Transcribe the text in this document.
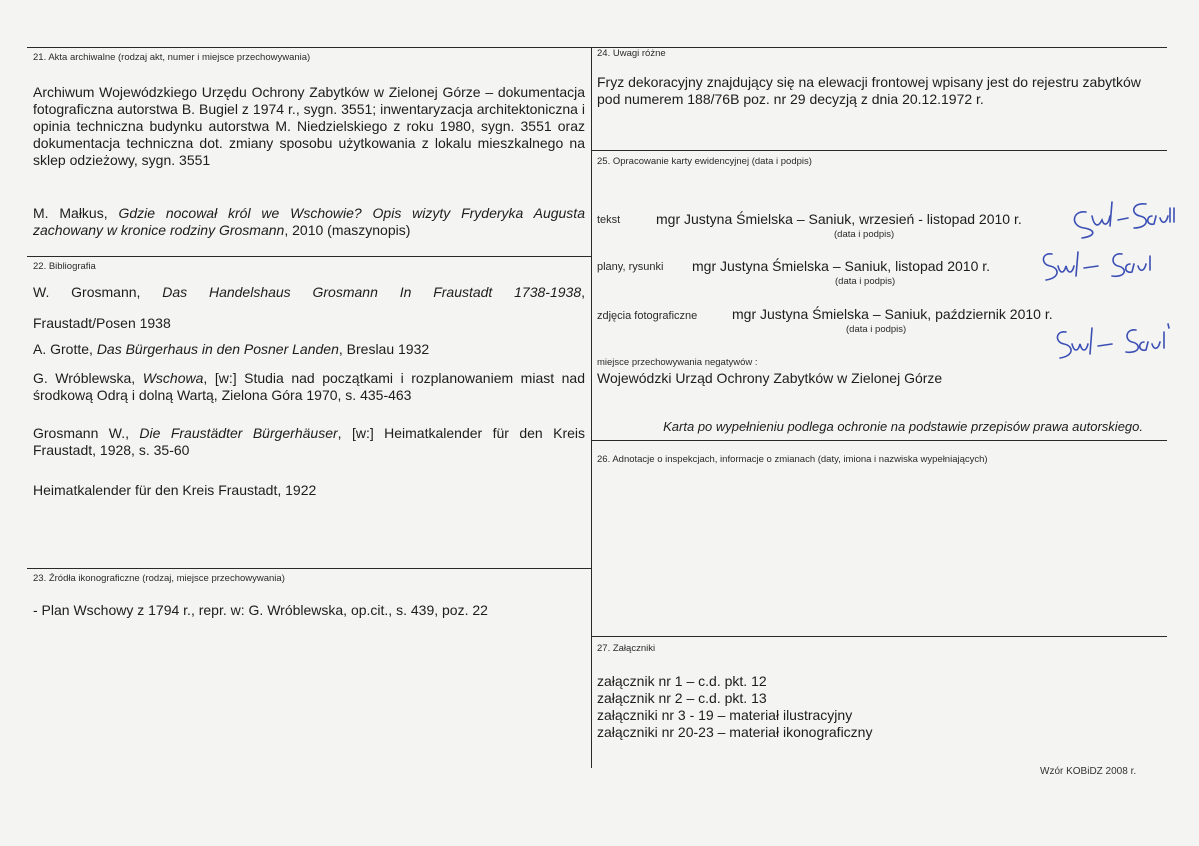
21. Akta archiwalne (rodzaj akt, numer i miejsce przechowywania)
Archiwum Wojewódzkiego Urzędu Ochrony Zabytków w Zielonej Górze – dokumentacja fotograficzna autorstwa B. Bugiel z 1974 r., sygn. 3551; inwentaryzacja architektoniczna i opinia techniczna budynku autorstwa M. Niedzielskiego z roku 1980, sygn. 3551 oraz dokumentacja techniczna dot. zmiany sposobu użytkowania z lokalu mieszkalnego na sklep odzieżowy, sygn. 3551
M. Małkus, Gdzie nocował król we Wschowie? Opis wizyty Fryderyka Augusta zachowany w kronice rodziny Grosmann, 2010 (maszynopis)
22. Bibliografia
W. Grosmann, Das Handelshaus Grosmann In Fraustadt 1738-1938,
Fraustadt/Posen 1938
A. Grotte, Das Bürgerhaus in den Posner Landen, Breslau 1932
G. Wróblewska, Wschowa, [w:] Studia nad początkami i rozplanowaniem miast nad środkową Odrą i dolną Wartą, Zielona Góra 1970, s. 435-463
Grosmann W., Die Fraustädter Bürgerhäuser, [w:] Heimatkalender für den Kreis Fraustadt, 1928, s. 35-60
Heimatkalender für den Kreis Fraustadt, 1922
23. Źródła ikonograficzne (rodzaj, miejsce przechowywania)
- Plan Wschowy z 1794 r., repr. w: G. Wróblewska, op.cit., s. 439, poz. 22
24. Uwagi różne
Fryz dekoracyjny znajdujący się na elewacji frontowej wpisany jest do rejestru zabytków pod numerem 188/76B poz. nr 29 decyzją z dnia 20.12.1972 r.
25. Opracowanie karty ewidencyjnej (data i podpis)
tekst	mgr Justyna Śmielska – Saniuk, wrzesień - listopad 2010 r.
(data i podpis)
plany, rysunki mgr Justyna Śmielska – Saniuk, listopad 2010 r.
(data i podpis)
zdjęcia fotograficzne mgr Justyna Śmielska – Saniuk, październik 2010 r.
(data i podpis)
miejsce przechowywania negatywów :
Wojewódzki Urząd Ochrony Zabytków w Zielonej Górze
Karta po wypełnieniu podlega ochronie na podstawie przepisów prawa autorskiego.
26. Adnotacje o inspekcjach, informacje o zmianach (daty, imiona i nazwiska wypełniających)
27. Załączniki
załącznik nr 1 – c.d. pkt. 12
załącznik nr 2 – c.d. pkt. 13
załączniki nr 3 - 19 – materiał ilustracyjny
załączniki nr 20-23 – materiał ikonograficzny
Wzór KOBiDZ 2008 r.
